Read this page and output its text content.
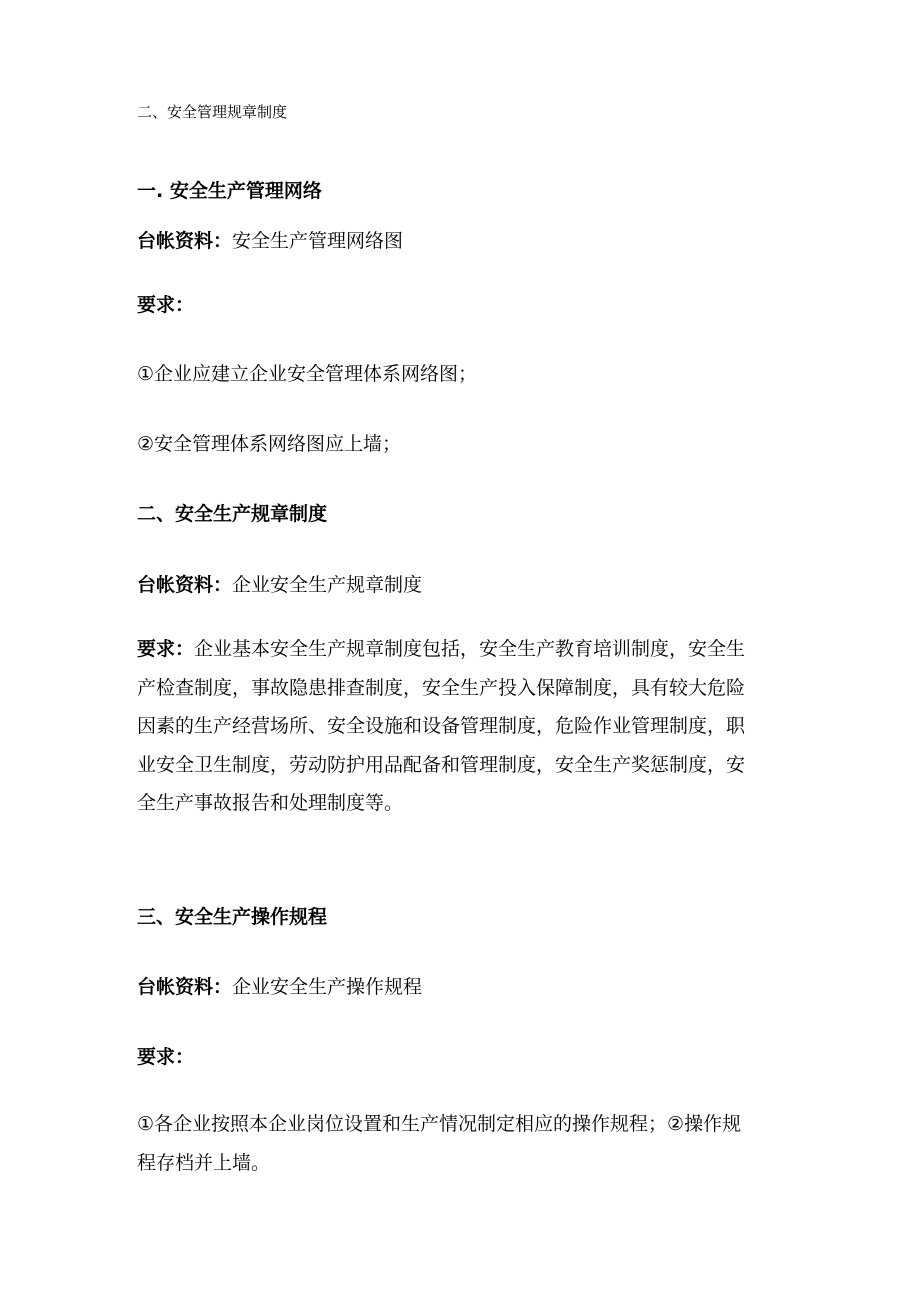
二、安全管理规章制度

一. 安全生产管理网络

台帐资料：安全生产管理网络图

要求：

①企业应建立企业安全管理体系网络图；

②安全管理体系网络图应上墙；

二、安全生产规章制度

台帐资料：企业安全生产规章制度

要求：企业基本安全生产规章制度包括，安全生产教育培训制度，安全生
产检查制度，事故隐患排查制度，安全生产投入保障制度，具有较大危险
因素的生产经营场所、安全设施和设备管理制度，危险作业管理制度，职
业安全卫生制度，劳动防护用品配备和管理制度，安全生产奖惩制度，安
全生产事故报告和处理制度等。

三、安全生产操作规程

台帐资料：企业安全生产操作规程

要求：

①各企业按照本企业岗位设置和生产情况制定相应的操作规程；②操作规
程存档并上墙。
